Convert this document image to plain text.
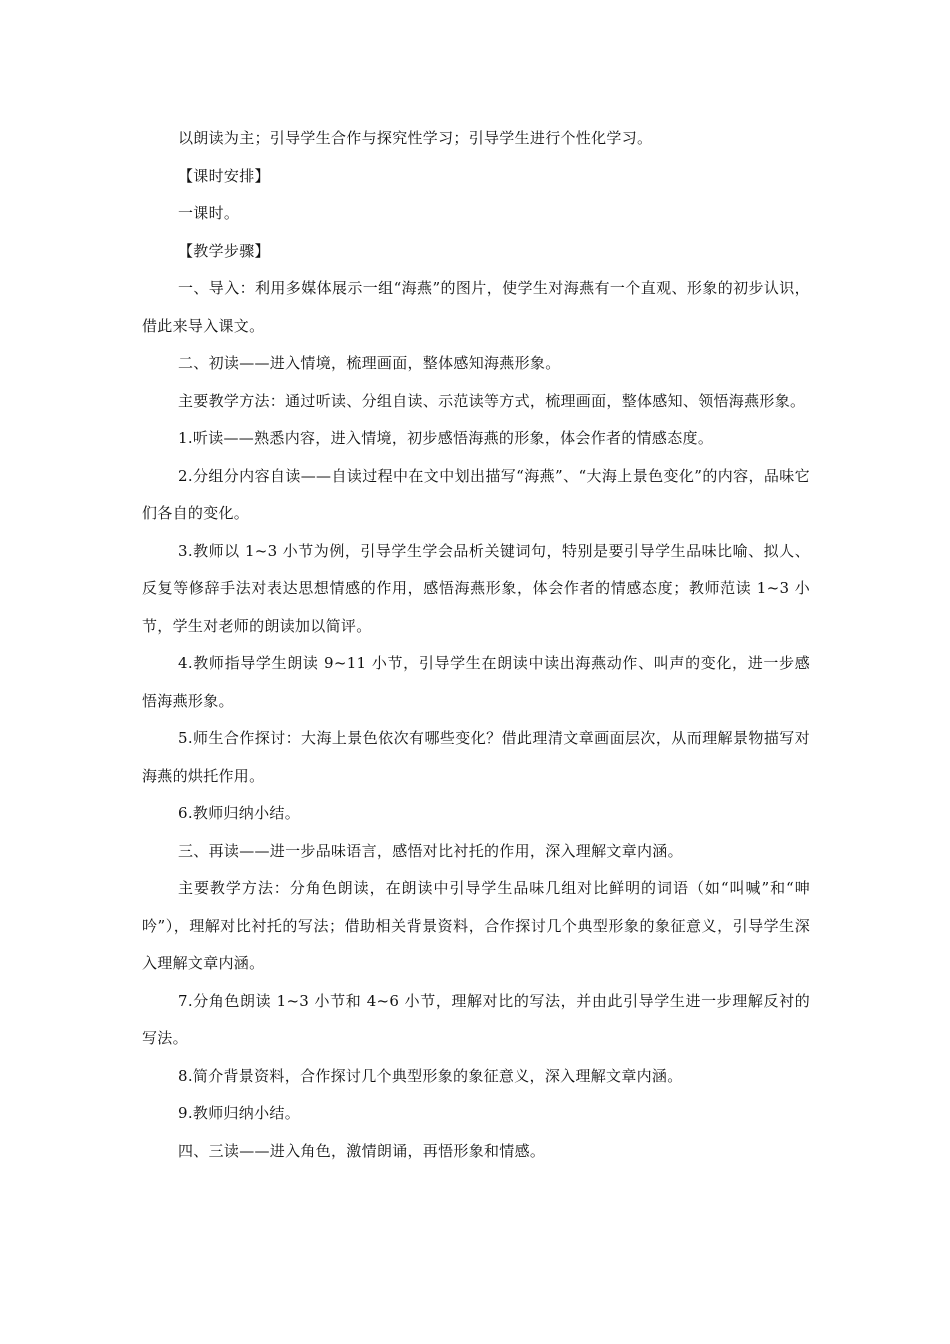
以朗读为主；引导学生合作与探究性学习；引导学生进行个性化学习。

【课时安排】

一课时。

【教学步骤】

一、导入：利用多媒体展示一组“海燕”的图片，使学生对海燕有一个直观、形象的初步认识，借此来导入课文。

二、初读——进入情境，梳理画面，整体感知海燕形象。

主要教学方法：通过听读、分组自读、示范读等方式，梳理画面，整体感知、领悟海燕形象。

1.听读——熟悉内容，进入情境，初步感悟海燕的形象，体会作者的情感态度。

2.分组分内容自读——自读过程中在文中划出描写“海燕”、“大海上景色变化”的内容，品味它们各自的变化。

3.教师以 1~3 小节为例，引导学生学会品析关键词句，特别是要引导学生品味比喻、拟人、反复等修辞手法对表达思想情感的作用，感悟海燕形象，体会作者的情感态度；教师范读 1~3 小节，学生对老师的朗读加以简评。

4.教师指导学生朗读 9~11 小节，引导学生在朗读中读出海燕动作、叫声的变化，进一步感悟海燕形象。

5.师生合作探讨：大海上景色依次有哪些变化？借此理清文章画面层次，从而理解景物描写对海燕的烘托作用。

6.教师归纳小结。

三、再读——进一步品味语言，感悟对比衬托的作用，深入理解文章内涵。

主要教学方法：分角色朗读，在朗读中引导学生品味几组对比鲜明的词语（如“叫喊”和“呻吟”），理解对比衬托的写法；借助相关背景资料，合作探讨几个典型形象的象征意义，引导学生深入理解文章内涵。

7.分角色朗读 1~3 小节和 4~6 小节，理解对比的写法，并由此引导学生进一步理解反衬的写法。

8.简介背景资料，合作探讨几个典型形象的象征意义，深入理解文章内涵。

9.教师归纳小结。

四、三读——进入角色，激情朗诵，再悟形象和情感。
